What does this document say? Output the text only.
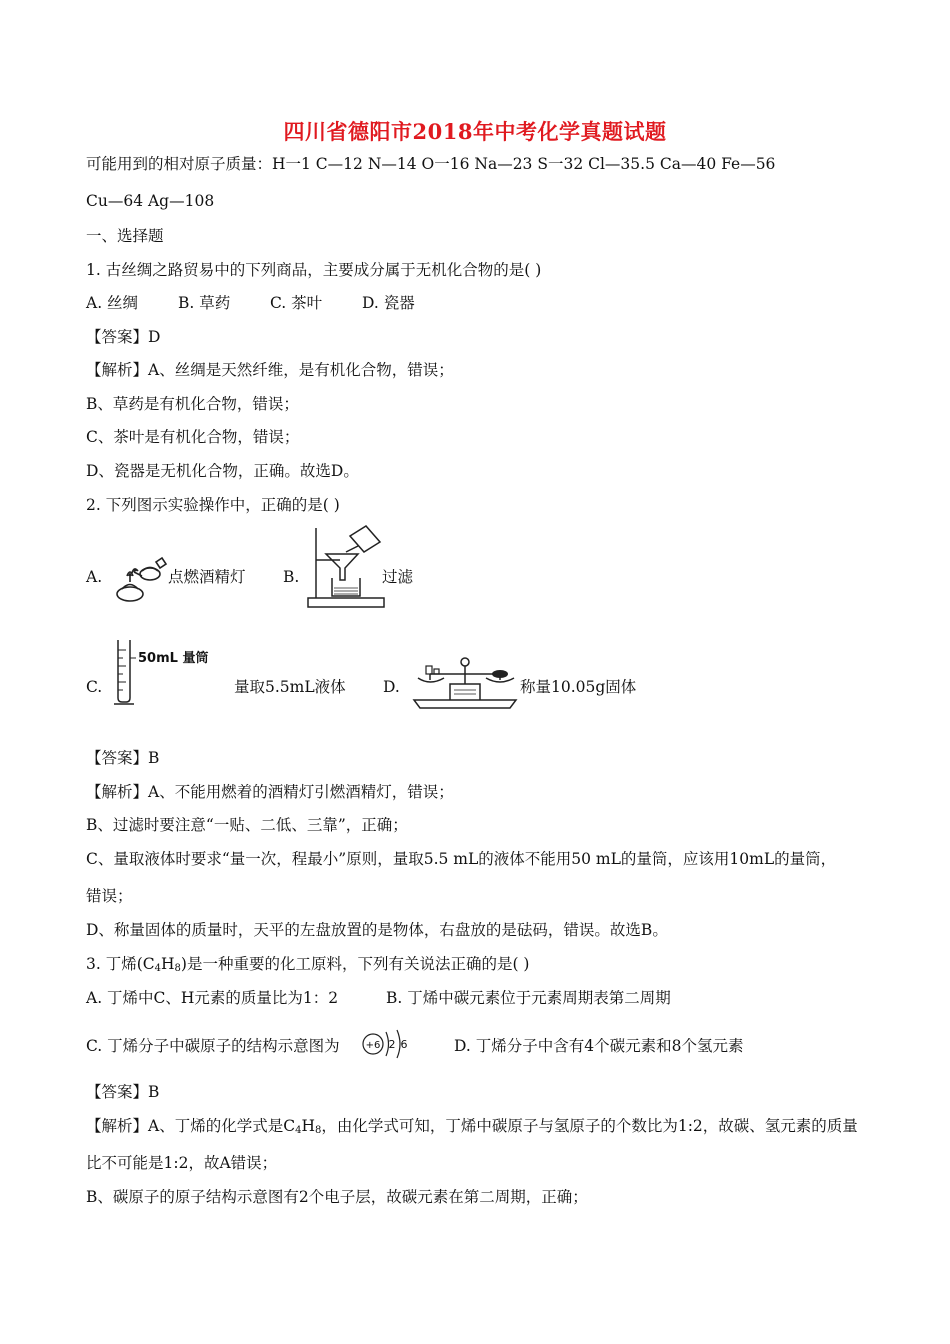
四川省德阳市2018年中考化学真题试题
可能用到的相对原子质量：H一1 C—12 N—14 O一16 Na—23 S一32 Cl—35.5 Ca—40 Fe—56
Cu—64 Ag—108
一、选择题
1. 古丝绸之路贸易中的下列商品，主要成分属于无机化合物的是( )
A. 丝绸	B. 草药	C. 茶叶	D. 瓷器
【答案】D
【解析】A、丝绸是天然纤维，是有机化合物，错误；
B、草药是有机化合物，错误；
C、茶叶是有机化合物，错误；
D、瓷器是无机化合物，正确。故选D。
2. 下列图示实验操作中，正确的是( )
A.	点燃酒精灯 B.	过滤
C.
50mL 量筒
量取5.5mL液体 D.	称量10.05g固体
【答案】B
【解析】A、不能用燃着的酒精灯引燃酒精灯，错误；
B、过滤时要注意“一贴、二低、三靠”，正确；
C、量取液体时要求“量一次，程最小”原则，量取5.5 mL的液体不能用50 mL的量筒，应该用10mL的量筒，
错误；
D、称量固体的质量时，天平的左盘放置的是物体，右盘放的是砝码，错误。故选B。
3. 丁烯$(C_4H_8)$是一种重要的化工原料，下列有关说法正确的是( )
A. 丁烯中C、H元素的质量比为1：2	B. 丁烯中碳元素位于元素周期表第二周期
C. 丁烯分子中碳原子的结构示意图为	+6 2 6	D. 丁烯分子中含有4个碳元素和8个氢元素
【答案】B
【解析】A、丁烯的化学式是$C_4H_8$，由化学式可知，丁烯中碳原子与氢原子的个数比为1:2，故碳、氢元素的质量
比不可能是1:2，故A错误；
B、碳原子的原子结构示意图有2个电子层，故碳元素在第二周期，正确；
